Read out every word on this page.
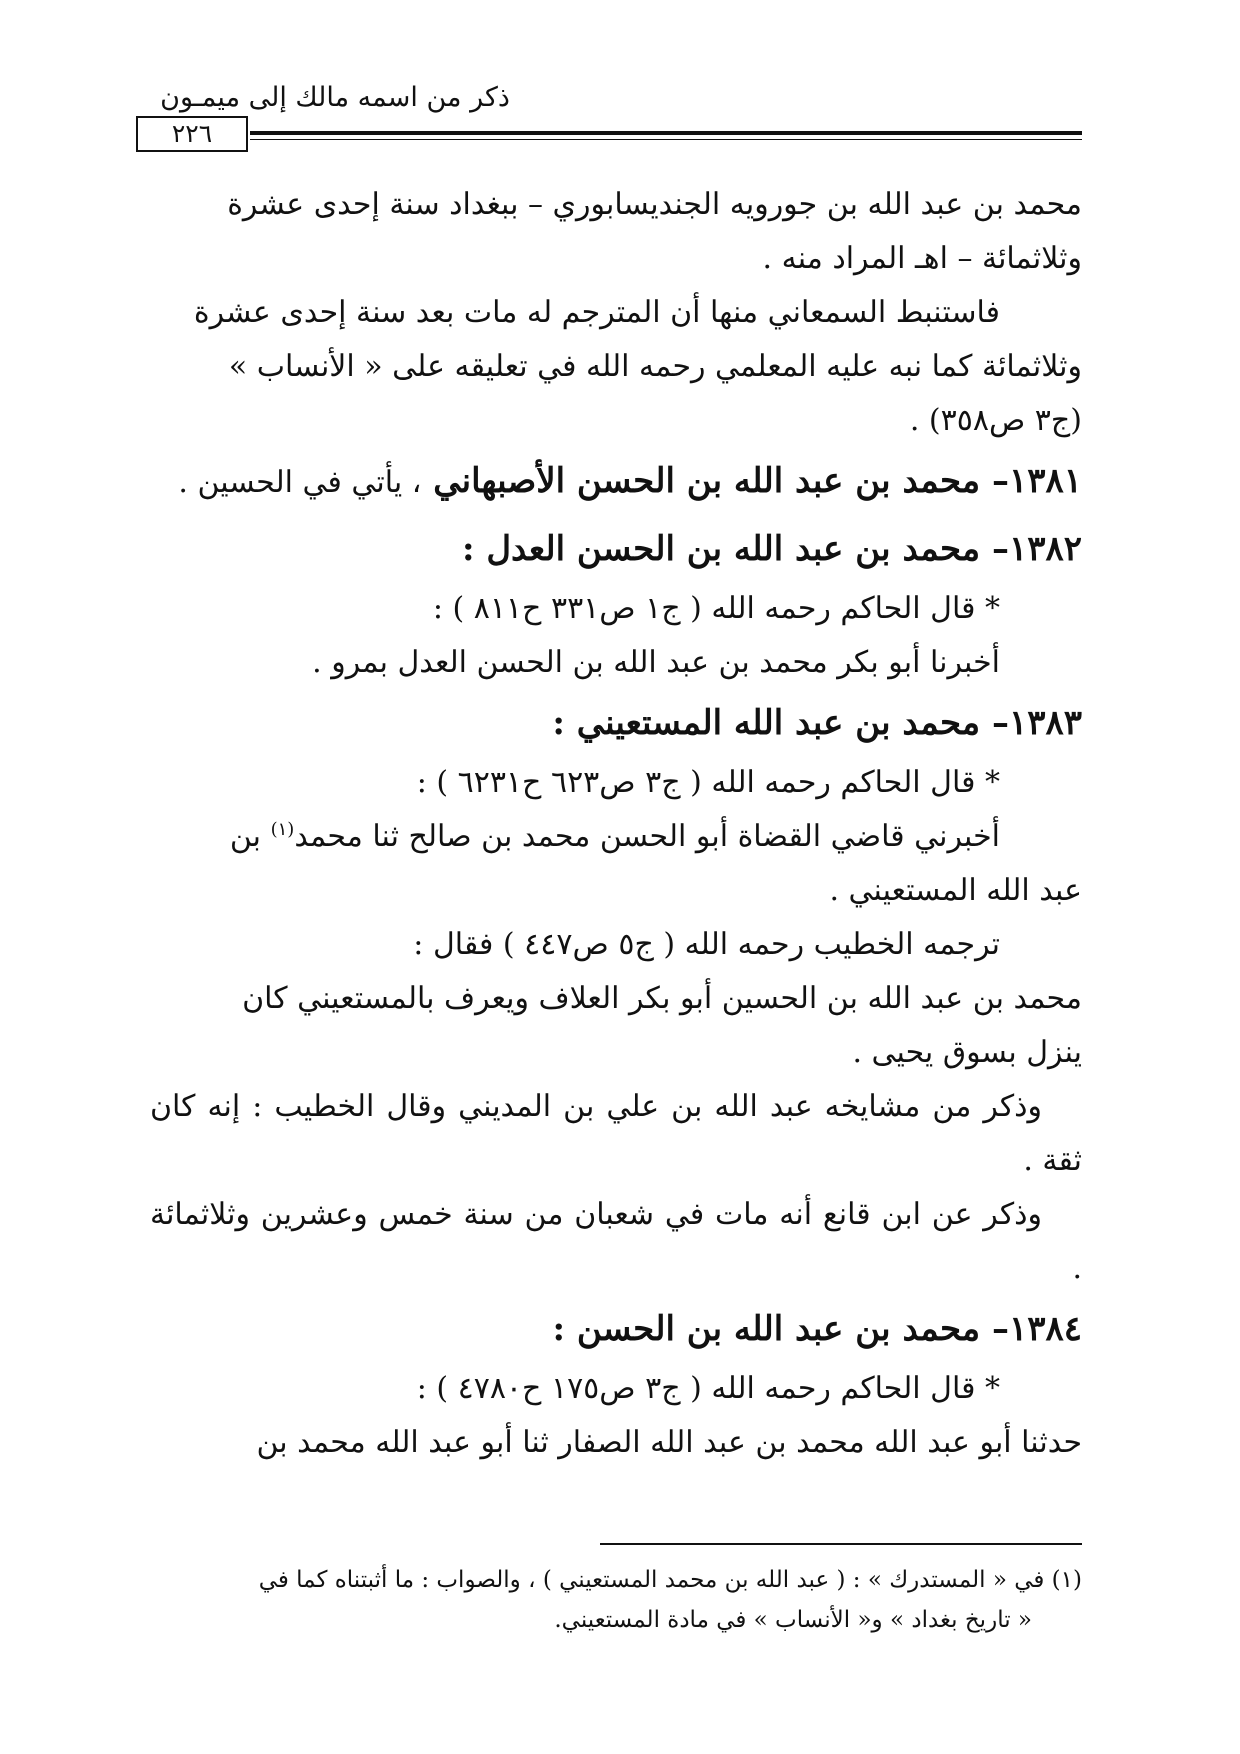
ذكر من اسمه مالك إلى ميمـون
٢٢٦

محمد بن عبد الله بن جورويه الجنديسابوري – ببغداد سنة إحدى عشرة

وثلاثمائة – اهـ المراد منه .

فاستنبط السمعاني منها أن المترجم له مات بعد سنة إحدى عشرة

وثلاثمائة كما نبه عليه المعلمي رحمه الله في تعليقه على « الأنساب »

(ج٣ ص٣٥٨) .

١٣٨١– محمد بن عبد الله بن الحسن الأصبهاني ، يأتي في الحسين .

١٣٨٢– محمد بن عبد الله بن الحسن العدل :

* قال الحاكم رحمه الله ( ج١ ص٣٣١ ح٨١١ ) :

أخبرنا أبو بكر محمد بن عبد الله بن الحسن العدل بمرو .

١٣٨٣– محمد بن عبد الله المستعيني :

* قال الحاكم رحمه الله ( ج٣ ص٦٢٣ ح٦٢٣١ ) :

أخبرني قاضي القضاة أبو الحسن محمد بن صالح ثنا محمد$^{(١)}$ بن

عبد الله المستعيني .

ترجمه الخطيب رحمه الله ( ج٥ ص٤٤٧ ) فقال :

محمد بن عبد الله بن الحسين أبو بكر العلاف ويعرف بالمستعيني كان

ينزل بسوق يحيى .

وذكر من مشايخه عبد الله بن علي بن المديني وقال الخطيب : إنه كان ثقة .

وذكر عن ابن قانع أنه مات في شعبان من سنة خمس وعشرين وثلاثمائة .

١٣٨٤– محمد بن عبد الله بن الحسن :

* قال الحاكم رحمه الله ( ج٣ ص١٧٥ ح٤٧٨٠ ) :

حدثنا أبو عبد الله محمد بن عبد الله الصفار ثنا أبو عبد الله محمد بن

(١) في « المستدرك » : ( عبد الله بن محمد المستعيني ) ، والصواب : ما أثبتناه كما في
« تاريخ بغداد » و« الأنساب » في مادة المستعيني.
